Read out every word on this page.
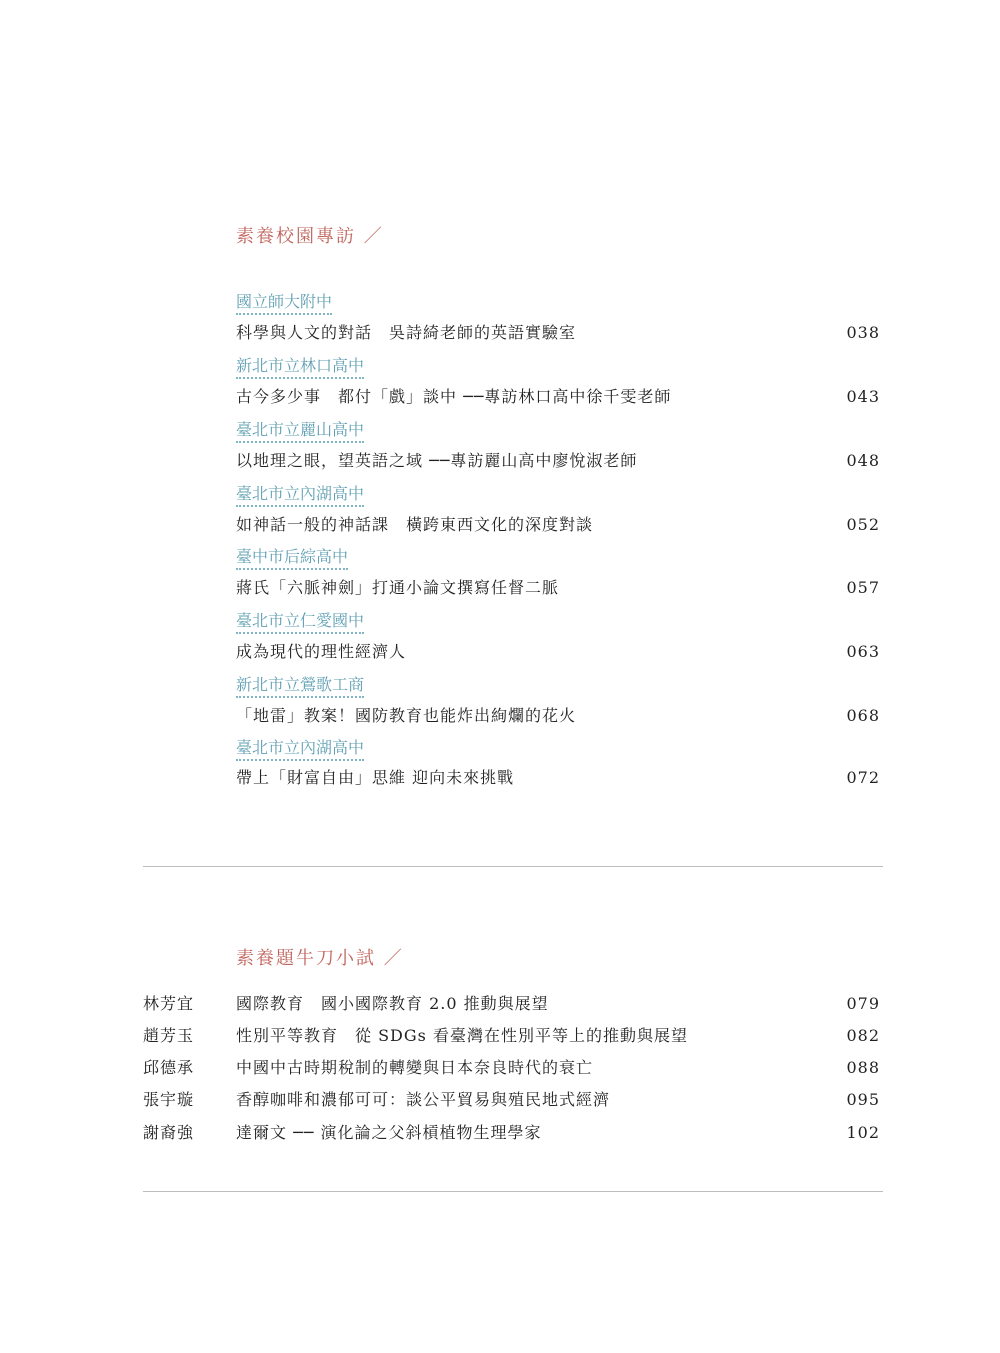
素養校園專訪 ／
國立師大附中
科學與人文的對話　吳詩綺老師的英語實驗室	038
新北市立林口高中
古今多少事　都付「戲」談中 ──專訪林口高中徐千雯老師	043
臺北市立麗山高中
以地理之眼，望英語之域 ──專訪麗山高中廖悅淑老師	048
臺北市立內湖高中
如神話一般的神話課　橫跨東西文化的深度對談	052
臺中市后綜高中
蔣氏「六脈神劍」打通小論文撰寫任督二脈	057
臺北市立仁愛國中
成為現代的理性經濟人	063
新北市立鶯歌工商
「地雷」教案！國防教育也能炸出絢爛的花火	068
臺北市立內湖高中
帶上「財富自由」思維 迎向未來挑戰	072
素養題牛刀小試 ／
林芳宜	國際教育　國小國際教育 2.0 推動與展望	079
趙芳玉	性別平等教育　從 SDGs 看臺灣在性別平等上的推動與展望	082
邱德承	中國中古時期稅制的轉變與日本奈良時代的衰亡	088
張宇璇	香醇咖啡和濃郁可可：談公平貿易與殖民地式經濟	095
謝裔強	達爾文 ── 演化論之父斜槓植物生理學家	102
